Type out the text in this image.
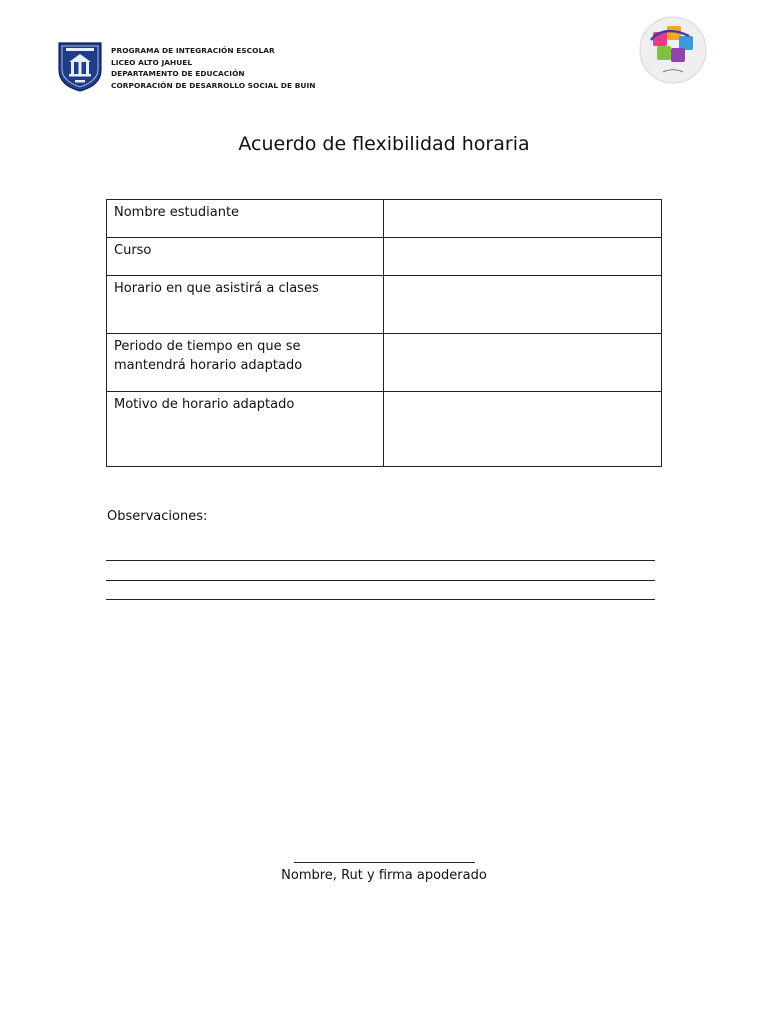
PROGRAMA DE INTEGRACIÓN ESCOLAR
LICEO ALTO JAHUEL
DEPARTAMENTO DE EDUCACIÓN
CORPORACIÓN DE DESARROLLO SOCIAL DE BUIN
Acuerdo de flexibilidad horaria
Nombre estudiante	
Curso	
Horario en que asistirá a clases	
Periodo de tiempo en que se mantendrá horario adaptado	
Motivo de horario adaptado	
Observaciones:
Nombre, Rut y firma apoderado
